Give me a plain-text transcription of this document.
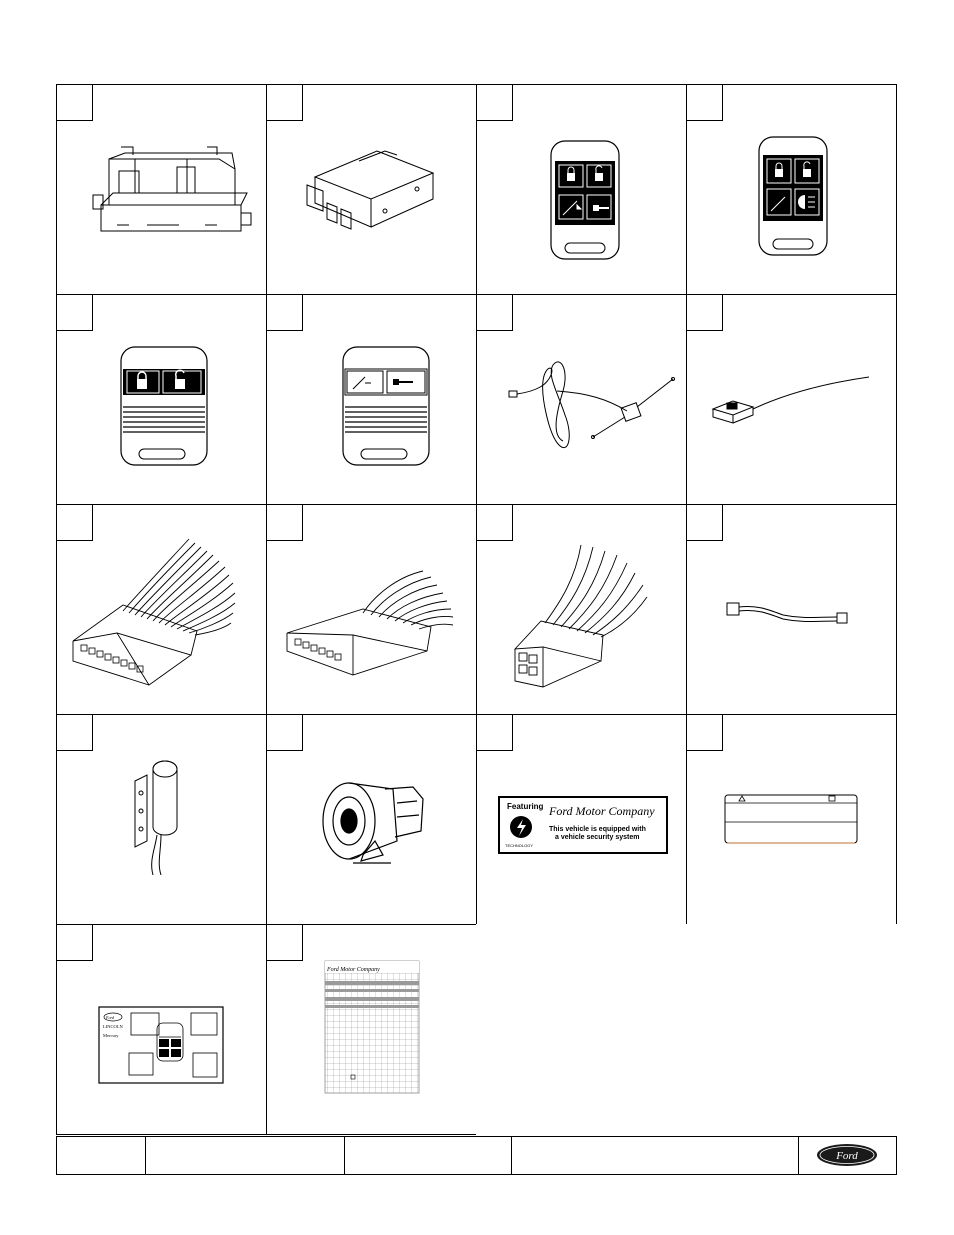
Featuring
TECHNOLOGY
Ford Motor Company
This vehicle is equipped with
a vehicle security system
Ford
LINCOLN
Mercury
Ford Motor Company
Ford
